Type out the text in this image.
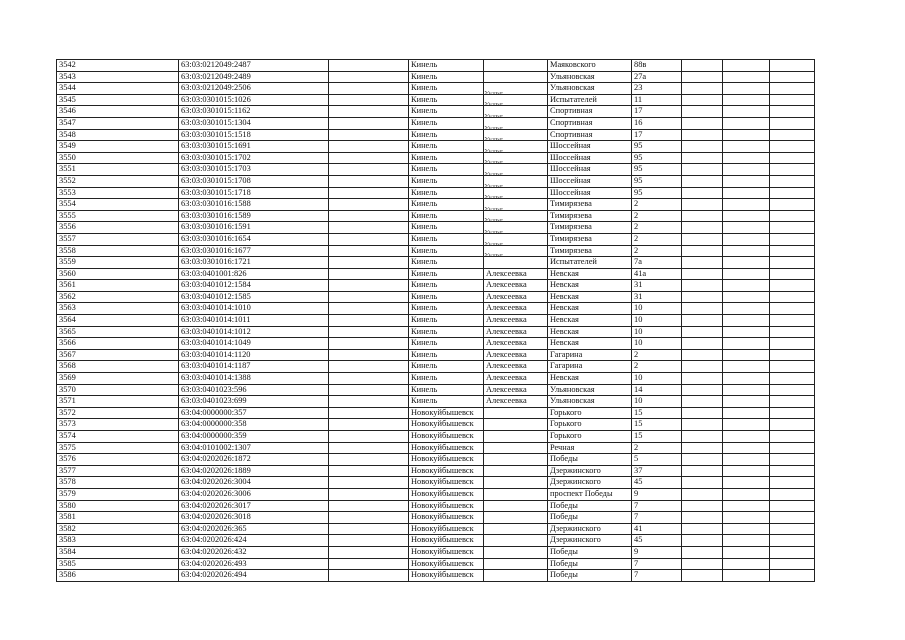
3542	63:03:0212049:2487		Кинель		Маяковского	88в			
3543	63:03:0212049:2489		Кинель		Ульяновская	27а			
3544	63:03:0212049:2506		Кинель		Ульяновская	23			
3545	63:03:0301015:1026		Кинель	Устье	Испытателей	11			
3546	63:03:0301015:1162		Кинель	Устье	Спортивная	17			
3547	63:03:0301015:1304		Кинель	Устье	Спортивная	16			
3548	63:03:0301015:1518		Кинель	Устье	Спортивная	17			
3549	63:03:0301015:1691		Кинель	Устье	Шоссейная	95			
3550	63:03:0301015:1702		Кинель	Устье	Шоссейная	95			
3551	63:03:0301015:1703		Кинель	Устье	Шоссейная	95			
3552	63:03:0301015:1708		Кинель	Устье	Шоссейная	95			
3553	63:03:0301015:1718		Кинель	Устье	Шоссейная	95			
3554	63:03:0301016:1588		Кинель	Устье	Тимирязева	2			
3555	63:03:0301016:1589		Кинель	Устье	Тимирязева	2			
3556	63:03:0301016:1591		Кинель	Устье	Тимирязева	2			
3557	63:03:0301016:1654		Кинель	Устье	Тимирязева	2			
3558	63:03:0301016:1677		Кинель	Устье	Тимирязева	2			
3559	63:03:0301016:1721		Кинель	Устье	Испытателей	7а			
3560	63:03:0401001:826		Кинель	Алексеевка	Невская	41а			
3561	63:03:0401012:1584		Кинель	Алексеевка	Невская	31			
3562	63:03:0401012:1585		Кинель	Алексеевка	Невская	31			
3563	63:03:0401014:1010		Кинель	Алексеевка	Невская	10			
3564	63:03:0401014:1011		Кинель	Алексеевка	Невская	10			
3565	63:03:0401014:1012		Кинель	Алексеевка	Невская	10			
3566	63:03:0401014:1049		Кинель	Алексеевка	Невская	10			
3567	63:03:0401014:1120		Кинель	Алексеевка	Гагарина	2			
3568	63:03:0401014:1187		Кинель	Алексеевка	Гагарина	2			
3569	63:03:0401014:1388		Кинель	Алексеевка	Невская	10			
3570	63:03:0401023:596		Кинель	Алексеевка	Ульяновская	14			
3571	63:03:0401023:699		Кинель	Алексеевка	Ульяновская	10			
3572	63:04:0000000:357		Новокуйбышевск		Горького	15			
3573	63:04:0000000:358		Новокуйбышевск		Горького	15			
3574	63:04:0000000:359		Новокуйбышевск		Горького	15			
3575	63:04:0101002:1307		Новокуйбышевск		Речная	2			
3576	63:04:0202026:1872		Новокуйбышевск		Победы	5			
3577	63:04:0202026:1889		Новокуйбышевск		Дзержинского	37			
3578	63:04:0202026:3004		Новокуйбышевск		Дзержинского	45			
3579	63:04:0202026:3006		Новокуйбышевск		проспект Победы	9			
3580	63:04:0202026:3017		Новокуйбышевск		Победы	7			
3581	63:04:0202026:3018		Новокуйбышевск		Победы	7			
3582	63:04:0202026:365		Новокуйбышевск		Дзержинского	41			
3583	63:04:0202026:424		Новокуйбышевск		Дзержинского	45			
3584	63:04:0202026:432		Новокуйбышевск		Победы	9			
3585	63:04:0202026:493		Новокуйбышевск		Победы	7			
3586	63:04:0202026:494		Новокуйбышевск		Победы	7			
